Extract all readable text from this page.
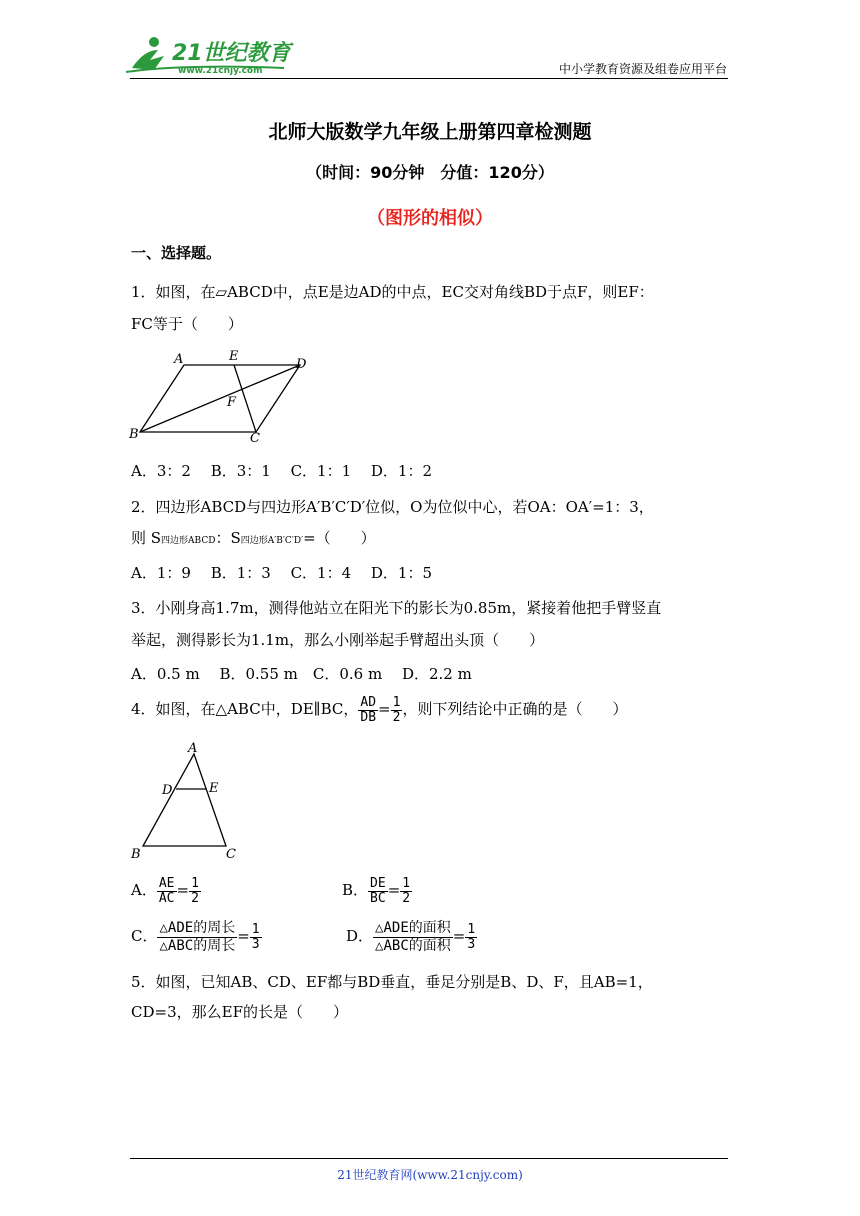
21世纪教育
www.21cnjy.com	中小学教育资源及组卷应用平台
北师大版数学九年级上册第四章检测题
（时间：90分钟　分值：120分）
（图形的相似）
一、选择题。
1．如图，在▱ABCD中，点E是边AD的中点，EC交对角线BD于点F，则EF：
FC等于（　　）
A	E
D
F
B	C
A．3：2　 B．3：1　 C．1：1　 D．1：2
2．四边形ABCD与四边形A′B′C′D′位似，O为位似中心，若OA：OA′=1：3，
则 S四边形ABCD：S四边形A′B′C′D′=（　　）
A．1：9　 B．1：3　 C．1：4　 D．1：5
3．小刚身高1.7m，测得他站立在阳光下的影长为0.85m，紧接着他把手臂竖直
举起，测得影长为1.1m，那么小刚举起手臂超出头顶（　　）
A．0.5 m　 B．0.55 m　C．0.6 m　 D．2.2 m
4．如图，在△ABC中，DE∥BC， $\frac{AD}{DB} = \frac{1}{2}$ ，则下列结论中正确的是（　　）
A
D	E
B	C
A． $\frac{AE}{AC} = \frac{1}{2}$	B． $\frac{DE}{BC} = \frac{1}{2}$
C． $\frac{\text{△ADE的周长}}{\text{△ABC的周长}} = \frac{1}{3}$	D． $\frac{\text{△ADE的面积}}{\text{△ABC的面积}} = \frac{1}{3}$
5．如图，已知AB、CD、EF都与BD垂直，垂足分别是B、D、F，且AB=1，
CD=3，那么EF的长是（　　）
21世纪教育网(www.21cnjy.com)
